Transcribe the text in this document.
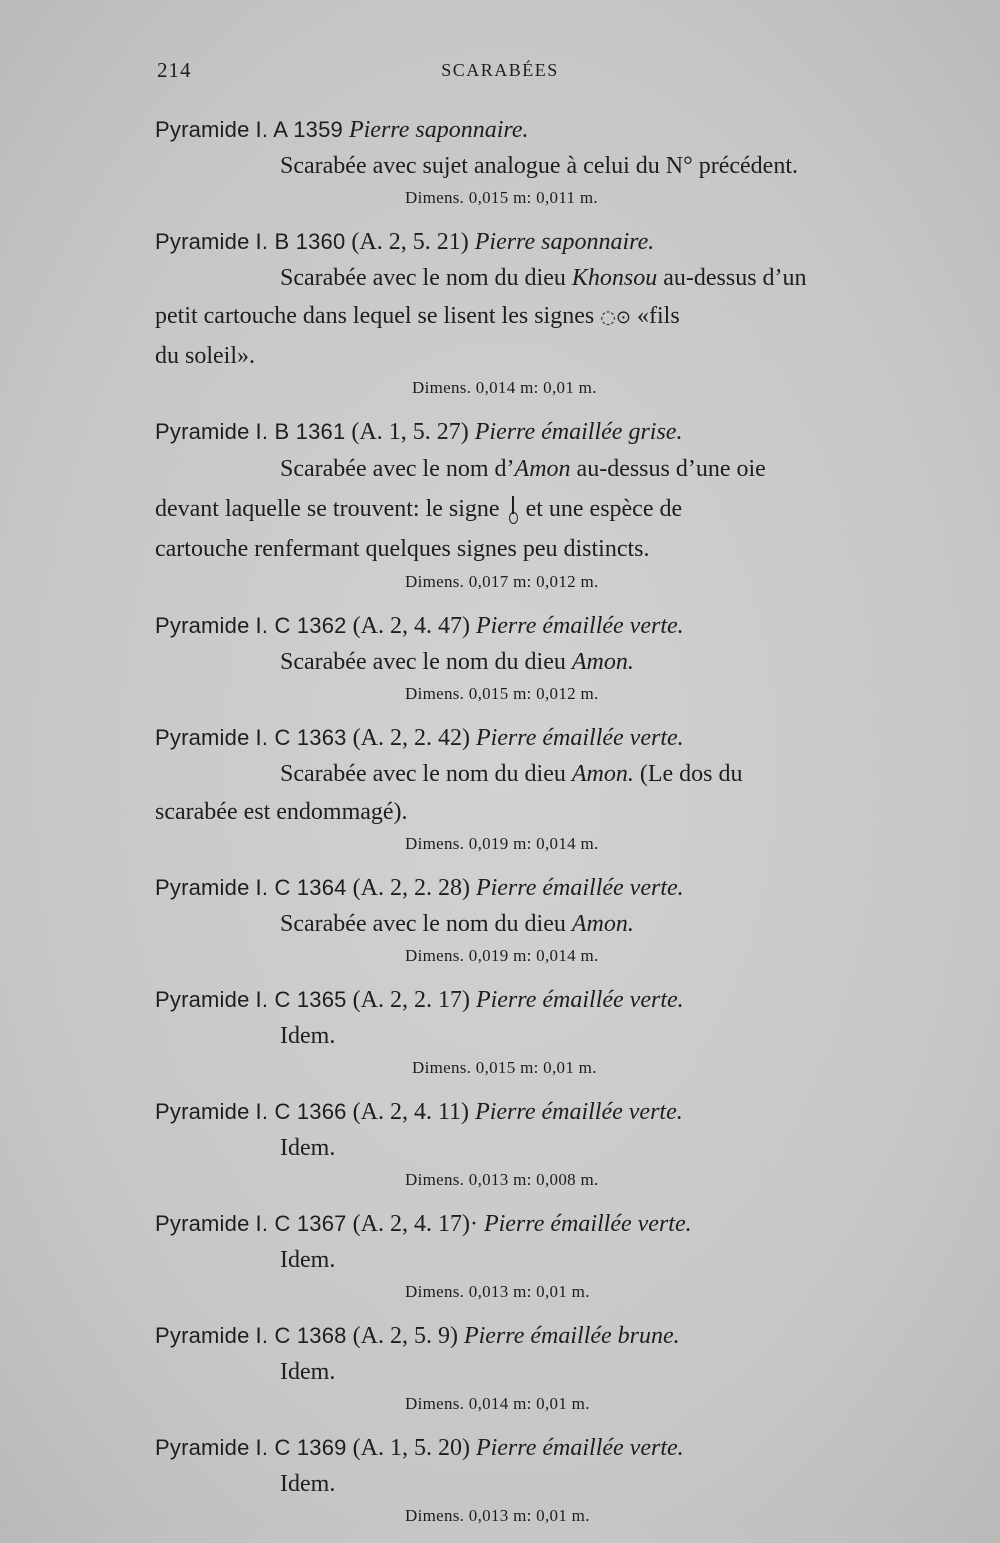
214	SCARABÉES
Pyramide I. A 1359 Pierre saponnaire.
Scarabée avec sujet analogue à celui du N° précédent.
Dimens. 0,015 m: 0,011 m.
Pyramide I. B 1360 (A. 2, 5. 21) Pierre saponnaire.
Scarabée avec le nom du dieu Khonsou au-dessus d’un
petit cartouche dans lequel se lisent les signes ◌⊙ «fils
du soleil».
Dimens. 0,014 m: 0,01 m.
Pyramide I. B 1361 (A. 1, 5. 27) Pierre émaillée grise.
Scarabée avec le nom d’Amon au-dessus d’une oie
devant laquelle se trouvent: le signe et une espèce de
cartouche renfermant quelques signes peu distincts.
Dimens. 0,017 m: 0,012 m.
Pyramide I. C 1362 (A. 2, 4. 47) Pierre émaillée verte.
Scarabée avec le nom du dieu Amon.
Dimens. 0,015 m: 0,012 m.
Pyramide I. C 1363 (A. 2, 2. 42) Pierre émaillée verte.
Scarabée avec le nom du dieu Amon. (Le dos du
scarabée est endommagé).
Dimens. 0,019 m: 0,014 m.
Pyramide I. C 1364 (A. 2, 2. 28) Pierre émaillée verte.
Scarabée avec le nom du dieu Amon.
Dimens. 0,019 m: 0,014 m.
Pyramide I. C 1365 (A. 2, 2. 17) Pierre émaillée verte.
Idem.
Dimens. 0,015 m: 0,01 m.
Pyramide I. C 1366 (A. 2, 4. 11) Pierre émaillée verte.
Idem.
Dimens. 0,013 m: 0,008 m.
Pyramide I. C 1367 (A. 2, 4. 17)· Pierre émaillée verte.
Idem.
Dimens. 0,013 m: 0,01 m.
Pyramide I. C 1368 (A. 2, 5. 9) Pierre émaillée brune.
Idem.
Dimens. 0,014 m: 0,01 m.
Pyramide I. C 1369 (A. 1, 5. 20) Pierre émaillée verte.
Idem.
Dimens. 0,013 m: 0,01 m.
